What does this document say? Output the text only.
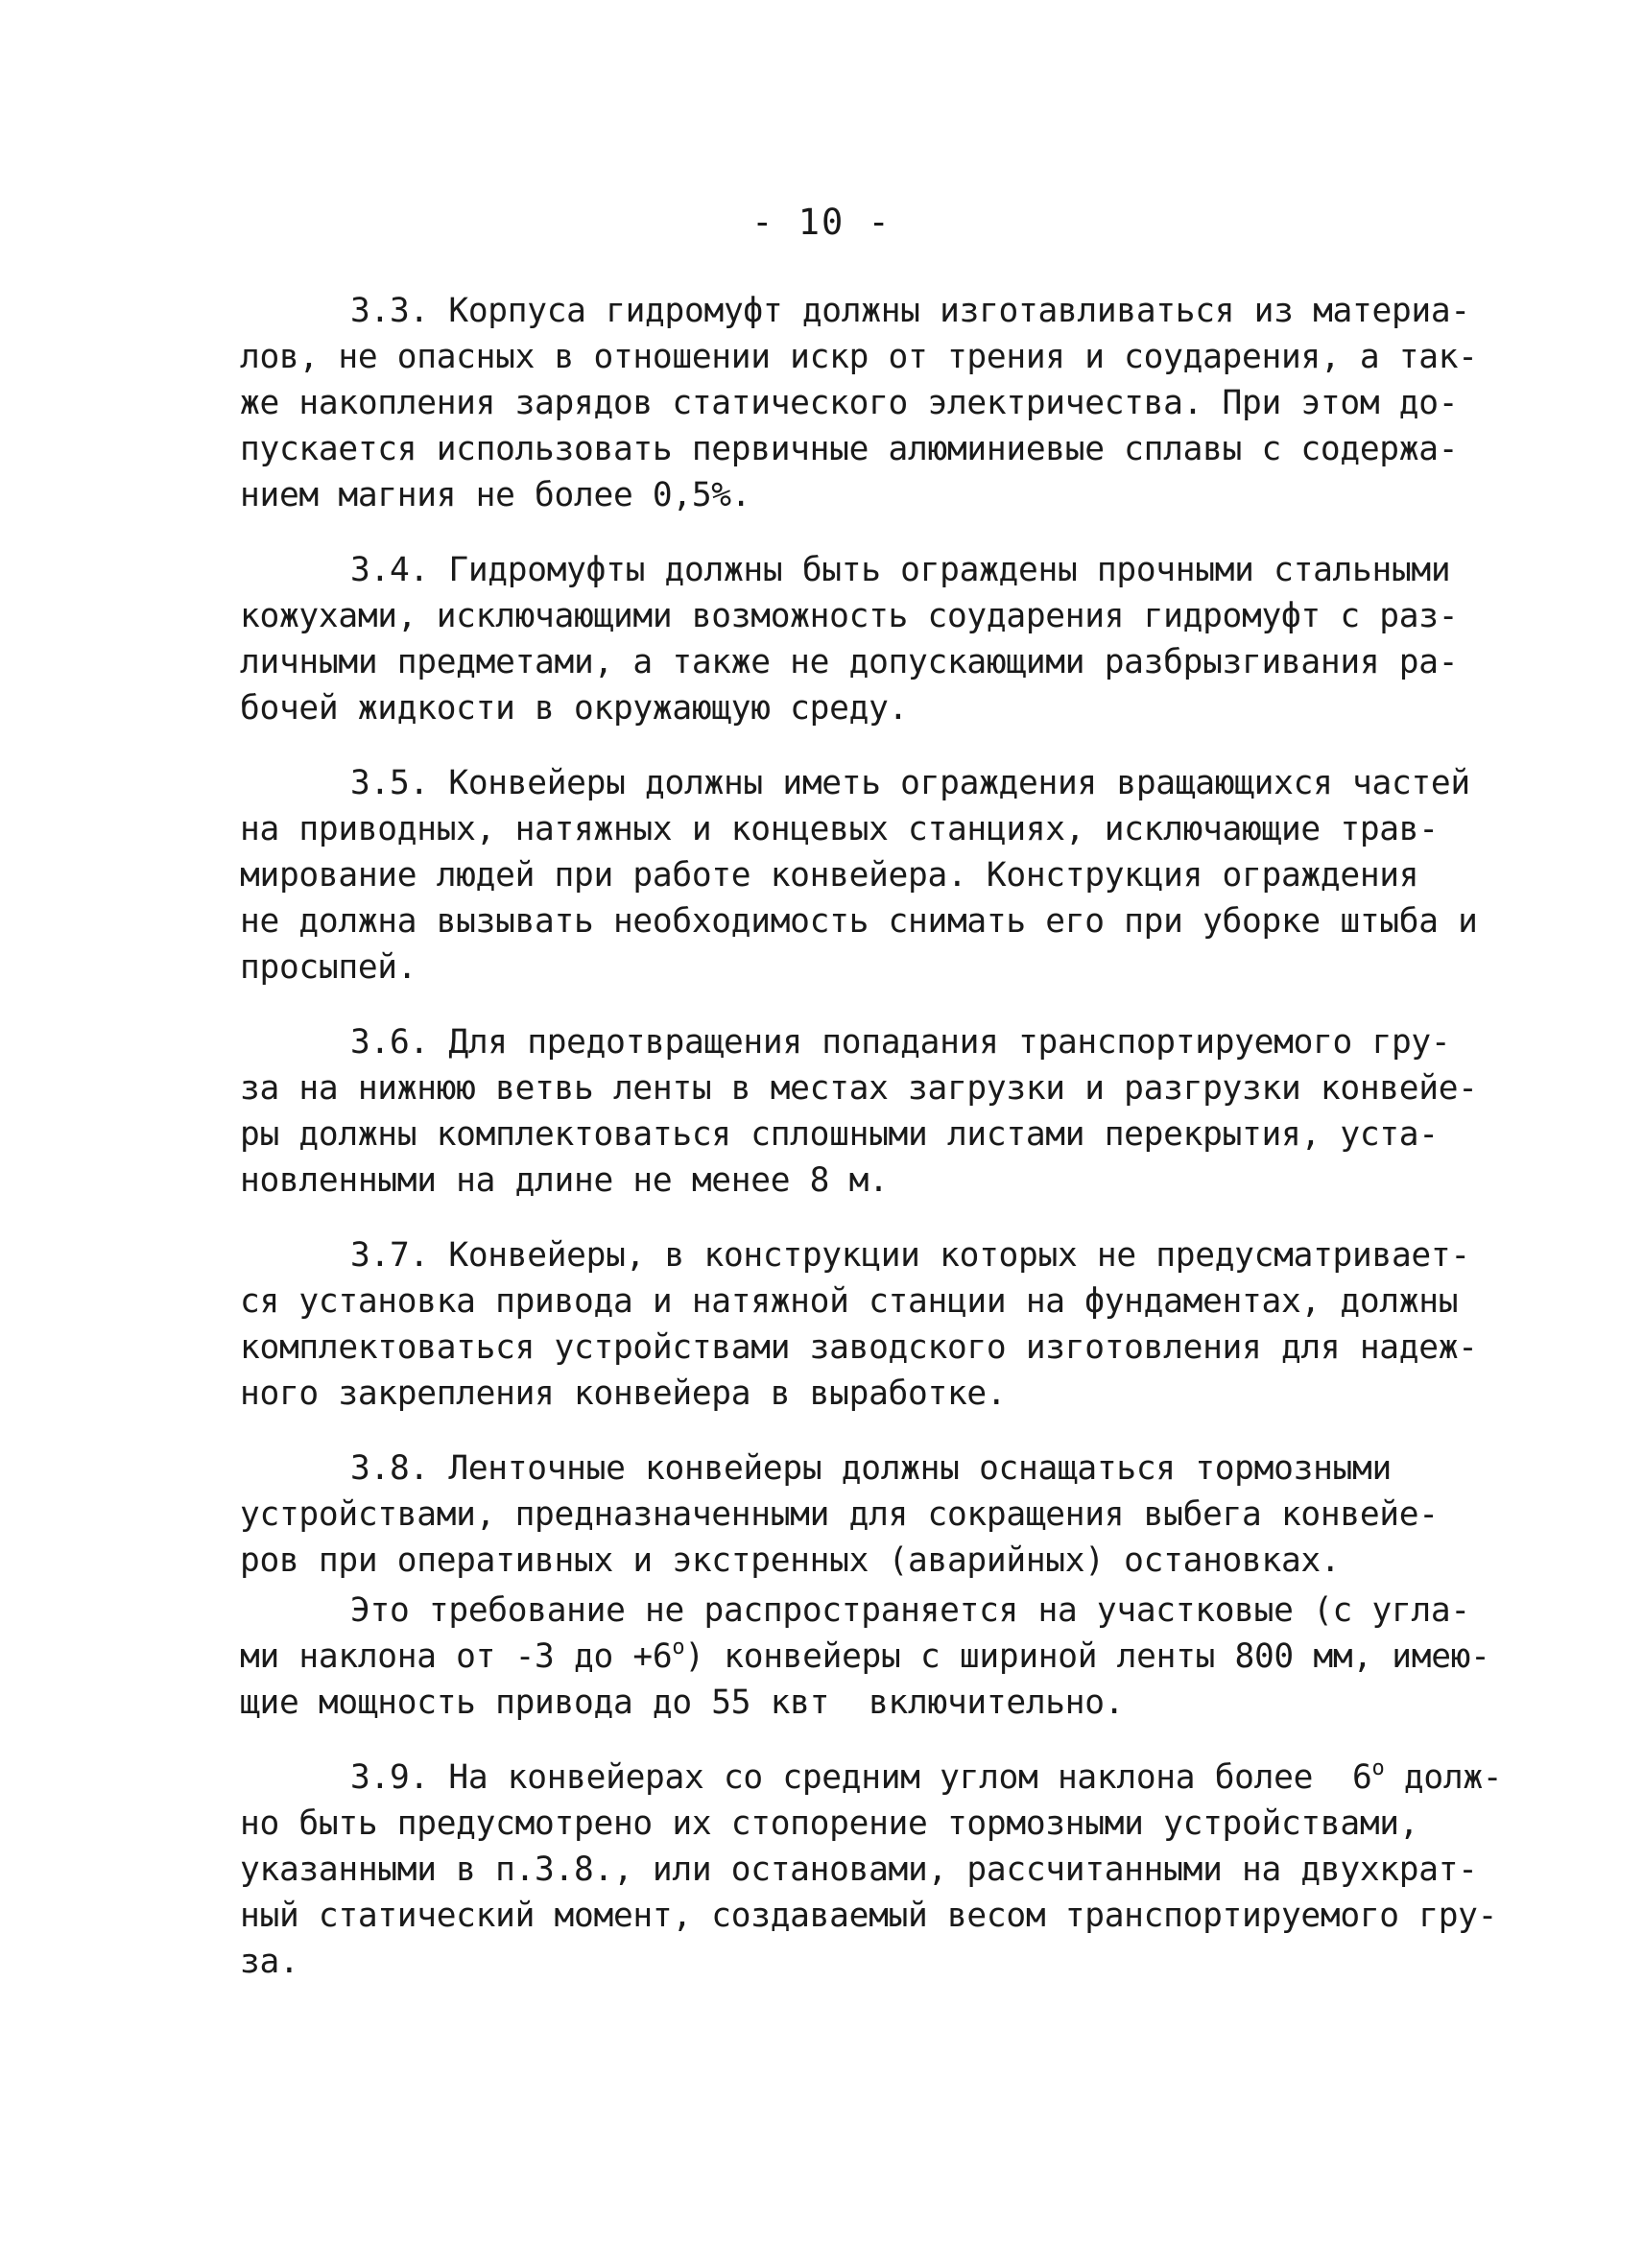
- 10 -
3.3. Корпуса гидромуфт должны изготавливаться из материа-
лов, не опасных в отношении искр от трения и соударения, а так-
же накопления зарядов статического электричества. При этом до-
пускается использовать первичные алюминиевые сплавы с содержа-
нием магния не более 0,5%.
3.4. Гидромуфты должны быть ограждены прочными стальными
кожухами, исключающими возможность соударения гидромуфт с раз-
личными предметами, а также не допускающими разбрызгивания ра-
бочей жидкости в окружающую среду.
3.5. Конвейеры должны иметь ограждения вращающихся частей
на приводных, натяжных и концевых станциях, исключающие трав-
мирование людей при работе конвейера. Конструкция ограждения
не должна вызывать необходимость снимать его при уборке штыба и
просыпей.
3.6. Для предотвращения попадания транспортируемого гру-
за на нижнюю ветвь ленты в местах загрузки и разгрузки конвейе-
ры должны комплектоваться сплошными листами перекрытия, уста-
новленными на длине не менее 8 м.
3.7. Конвейеры, в конструкции которых не предусматривает-
ся установка привода и натяжной станции на фундаментах, должны
комплектоваться устройствами заводского изготовления для надеж-
ного закрепления конвейера в выработке.
3.8. Ленточные конвейеры должны оснащаться тормозными
устройствами, предназначенными для сокращения выбега конвейе-
ров при оперативных и экстренных (аварийных) остановках.
Это требование не распространяется на участковые (с угла-
ми наклона от -3 до $+6^о$) конвейеры с шириной ленты 800 мм, имею-
щие мощность привода до 55 квт  включительно.
3.9. На конвейерах со средним углом наклона более  $6^о$ долж-
но быть предусмотрено их стопорение тормозными устройствами,
указанными в п.3.8., или остановами, рассчитанными на двухкрат-
ный статический момент, создаваемый весом транспортируемого гру-
за.
